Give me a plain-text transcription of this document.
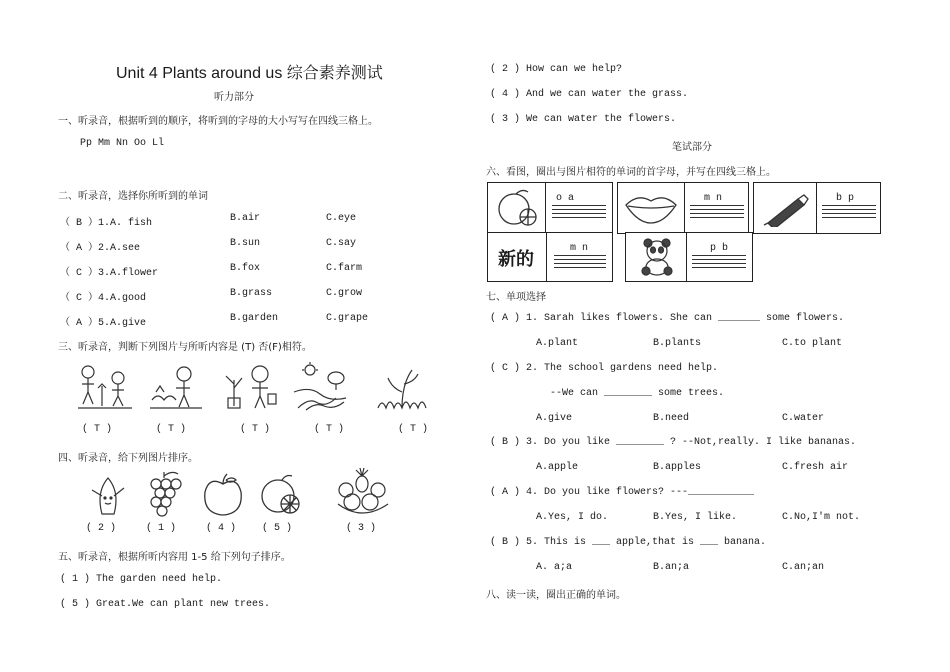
Unit 4 Plants around us 综合素养测试
听力部分
一、听录音，根据听到的顺序，将听到的字母的大小写写在四线三格上。
Pp Mm Nn Oo Ll
二、听录音，选择你所听到的单词
（ B ）1.A. fish	B.air	C.eye
（ A ）2.A.see	B.sun	C.say
（ C ）3.A.flower	B.fox	C.farm
（ C ）4.A.good	B.grass	C.grow
（ A ）5.A.give	B.garden	C.grape
三、听录音，判断下列图片与所听内容是 (T) 否(F)相符。
( T )	( T )	( T )	( T )	( T )
四、听录音，给下列图片排序。
( 2 )	( 1 )	( 4 )	( 5 )	( 3 )
五、听录音，根据所听内容用 1-5 给下列句子排序。
( 1 ) The garden need help.
( 5 ) Great.We can plant new trees.
( 2 ) How can we help?
( 4 ) And we can water the grass.
( 3 ) We can water the flowers.
笔试部分
六、看图，圈出与图片相符的单词的首字母，并写在四线三格上。
o a	m n	b p
新的
m n	p b
七、单项选择
( A ) 1. Sarah likes flowers. She can _______ some flowers.
A.plant	B.plants	C.to plant
( C ) 2. The school gardens need help.
--We can ________ some trees.
A.give	B.need	C.water
( B ) 3. Do you like ________ ? --Not,really. I like bananas.
A.apple	B.apples	C.fresh air
( A ) 4. Do you like flowers? ---___________
A.Yes, I do.	B.Yes, I like.	C.No,I'm not.
( B ) 5. This is ___ apple,that is ___ banana.
A. a;a	B.an;a	C.an;an
八、读一读，圈出正确的单词。
